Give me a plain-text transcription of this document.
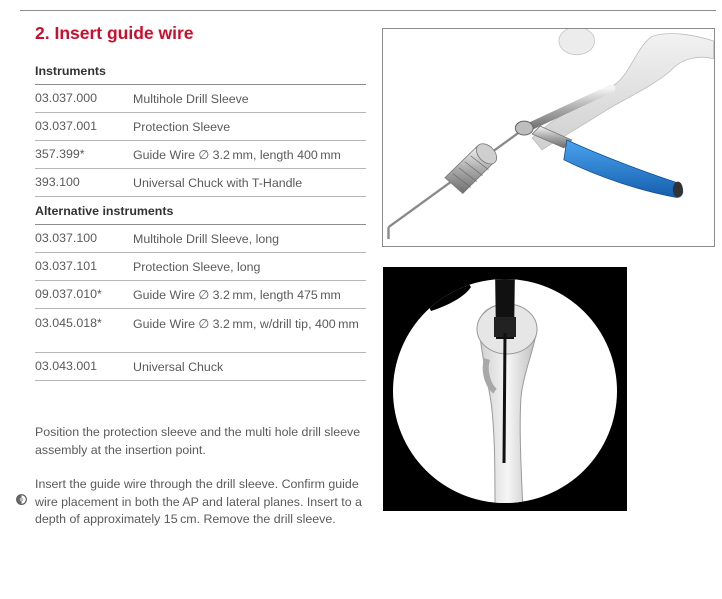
2. Insert guide wire
Instruments
03.037.000	Multihole Drill Sleeve
03.037.001	Protection Sleeve
357.399*	Guide Wire ∅ 3.2 mm, length 400 mm
393.100	Universal Chuck with T-Handle
Alternative instruments
03.037.100	Multihole Drill Sleeve, long
03.037.101	Protection Sleeve, long
09.037.010*	Guide Wire ∅ 3.2 mm, length 475 mm
03.045.018*	Guide Wire ∅ 3.2 mm, w/drill tip, 400 mm
03.043.001	Universal Chuck

Position the protection sleeve and the multi hole drill sleeve assembly at the insertion point.

Insert the guide wire through the drill sleeve. Confirm guide wire placement in both the AP and lateral planes. Insert to a depth of approximately 15 cm. Remove the drill sleeve.
